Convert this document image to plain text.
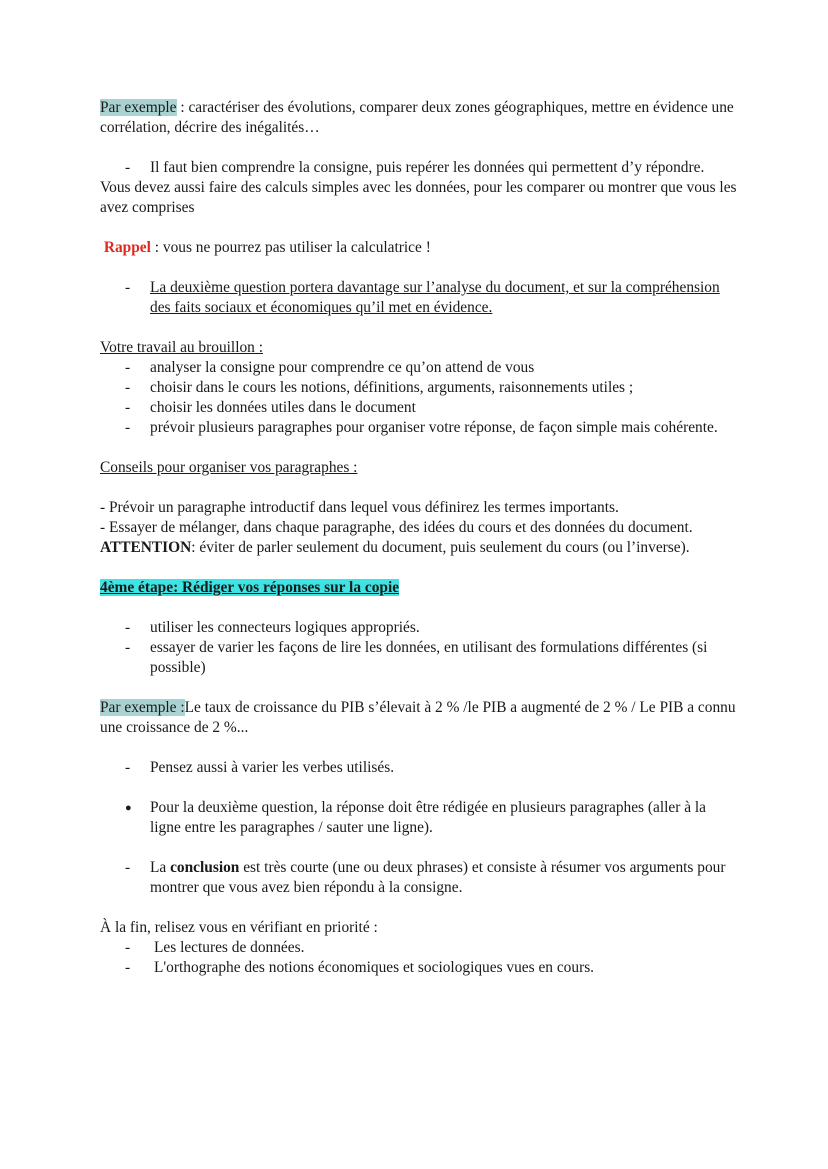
Par exemple : caractériser des évolutions, comparer deux zones géographiques, mettre en évidence une corrélation, décrire des inégalités…

-	Il faut bien comprendre la consigne, puis repérer les données qui permettent d’y répondre.

Vous devez aussi faire des calculs simples avec les données, pour les comparer ou montrer que vous les avez comprises

Rappel : vous ne pourrez pas utiliser la calculatrice !

-	La deuxième question portera davantage sur l’analyse du document, et sur la compréhension des faits sociaux et économiques qu’il met en évidence.

Votre travail au brouillon :

-	analyser la consigne pour comprendre ce qu’on attend de vous
-	choisir dans le cours les notions, définitions, arguments, raisonnements utiles ;
-	choisir les données utiles dans le document
-	prévoir plusieurs paragraphes pour organiser votre réponse, de façon simple mais cohérente.

Conseils pour organiser vos paragraphes :

- Prévoir un paragraphe introductif dans lequel vous définirez les termes importants.

- Essayer de mélanger, dans chaque paragraphe, des idées du cours et des données du document.

ATTENTION: éviter de parler seulement du document, puis seulement du cours (ou l’inverse).

4ème étape: Rédiger vos réponses sur la copie

-	utiliser les connecteurs logiques appropriés.
-	essayer de varier les façons de lire les données, en utilisant des formulations différentes (si possible)

Par exemple :Le taux de croissance du PIB s’élevait à 2 % /le PIB a augmenté de 2 % / Le PIB a connu une croissance de 2 %...

-	Pensez aussi à varier les verbes utilisés.
●	Pour la deuxième question, la réponse doit être rédigée en plusieurs paragraphes (aller à la ligne entre les paragraphes / sauter une ligne).
-	La conclusion est très courte (une ou deux phrases) et consiste à résumer vos arguments pour montrer que vous avez bien répondu à la consigne.

À la fin, relisez vous en vérifiant en priorité :

-	Les lectures de données.
-	L'orthographe des notions économiques et sociologiques vues en cours.
